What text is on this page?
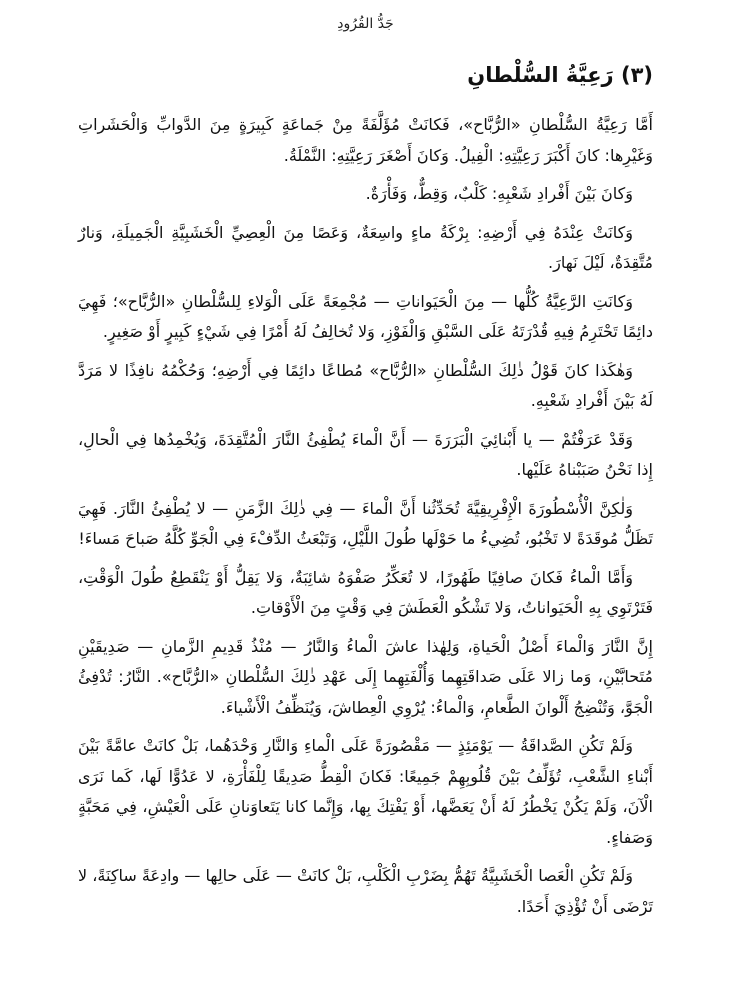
جَدُّ القُرُودِ
(٣) رَعِيَّةُ السُّلْطانِ

أَمَّا رَعِيَّةُ السُّلْطانِ «الرُّبَّاح»، فَكانَتْ مُؤَلَّفَةً مِنْ جَماعَةٍ كَبِيرَةٍ مِنَ الدَّوابِّ وَالْحَشَراتِ وَغَيْرِها: كانَ أَكْبَرَ رَعِيَّتِهِ: الْفِيلُ. وَكانَ أَصْغَرَ رَعِيَّتِهِ: النَّمْلَةُ.

وَكانَ بَيْنَ أَفْرادِ شَعْبِهِ: كَلْبٌ، وَقِطٌّ، وَفَأْرَةٌ.

وَكانَتْ عِنْدَهُ فِي أَرْضِهِ: بِرْكَةُ ماءٍ واسِعَةٌ، وَعَصًا مِنَ الْعِصِيِّ الْخَشَبِيَّةِ الْجَمِيلَةِ، وَنارٌ مُتَّقِدَةٌ، لَيْلَ نَهارَ.

وَكانَتِ الرَّعِيَّةُ كُلُّها — مِنَ الْحَيَواناتِ — مُجْمِعَةً عَلَى الْوَلاءِ لِلسُّلْطانِ «الرُّبَّاح»؛ فَهِيَ دائِمًا تَحْتَرِمُ فِيهِ قُدْرَتَهُ عَلَى السَّبْقِ وَالْفَوْزِ، وَلا تُخالِفُ لَهُ أَمْرًا فِي شَيْءٍ كَبِيرٍ أَوْ صَغِيرٍ.

وَهٰكَذا كانَ قَوْلُ ذٰلِكَ السُّلْطانِ «الرُّبَّاح» مُطاعًا دائِمًا فِي أَرْضِهِ؛ وَحُكْمُهُ نافِذًا لا مَرَدَّ لَهُ بَيْنَ أَفْرادِ شَعْبِهِ.

وَقَدْ عَرَفْتُمْ — يا أَبْنائِيَ الْبَرَرَةَ — أَنَّ الْماءَ يُطْفِئُ النَّارَ الْمُتَّقِدَةَ، وَيُخْمِدُها فِي الْحالِ، إِذا نَحْنُ صَبَبْناهُ عَلَيْها.

وَلٰكِنَّ الْأُسْطُورَةَ الْإِفْرِيقِيَّةَ تُحَدِّثُنا أَنَّ الْماءَ — فِي ذٰلِكَ الزَّمَنِ — لا يُطْفِئُ النَّارَ. فَهِيَ تَظَلُّ مُوقَدَةً لا تَخْبُو، تُضِيءُ ما حَوْلَها طُولَ اللَّيْلِ، وَتَبْعَثُ الدِّفْءَ فِي الْجَوِّ كُلَّهُ صَباحَ مَساءَ!

وَأَمَّا الْماءُ فَكانَ صافِيًا طَهُورًا، لا تُعَكِّرُ صَفْوَهُ شائِبَةٌ، وَلا يَقِلُّ أَوْ يَنْقَطِعُ طُولَ الْوَقْتِ، فَتَرْتَوِي بِهِ الْحَيَواناتُ، وَلا تَشْكُو الْعَطَشَ فِي وَقْتٍ مِنَ الْأَوْقاتِ.

إِنَّ النَّارَ وَالْماءَ أَصْلُ الْحَياةِ، وَلِهٰذا عاشَ الْماءُ وَالنَّارُ — مُنْذُ قَدِيمِ الزَّمانِ — صَدِيقَيْنِ مُتَحابَّيْنِ، وَما زالا عَلَى صَداقَتِهِما وَأُلْفَتِهِما إِلَى عَهْدِ ذٰلِكَ السُّلْطانِ «الرُّبَّاح». النَّارُ: تُدْفِئُ الْجَوَّ، وَتُنْضِجُ أَلْوانَ الطَّعامِ، وَالْماءُ: يُرْوِي الْعِطاشَ، وَيُنَظِّفُ الْأَشْياءَ.

وَلَمْ تَكُنِ الصَّداقَةُ — يَوْمَئِذٍ — مَقْصُورَةً عَلَى الْماءِ وَالنَّارِ وَحْدَهُما، بَلْ كانَتْ عامَّةً بَيْنَ أَبْناءِ الشَّعْبِ، تُؤَلِّفُ بَيْنَ قُلُوبِهِمْ جَمِيعًا: فَكانَ الْقِطُّ صَدِيقًا لِلْفَأْرَةِ، لا عَدُوًّا لَها، كَما نَرَى الْآنَ، وَلَمْ يَكُنْ يَخْطُرُ لَهُ أَنْ يَعَضَّها، أَوْ يَفْتِكَ بِها، وَإِنَّما كانا يَتَعاوَنانِ عَلَى الْعَيْشِ، فِي مَحَبَّةٍ وَصَفاءٍ.

وَلَمْ تَكُنِ الْعَصا الْخَشَبِيَّةُ تَهُمُّ بِضَرْبِ الْكَلْبِ، بَلْ كانَتْ — عَلَى حالِها — وادِعَةً ساكِنَةً، لا تَرْضَى أَنْ تُؤْذِيَ أَحَدًا.
